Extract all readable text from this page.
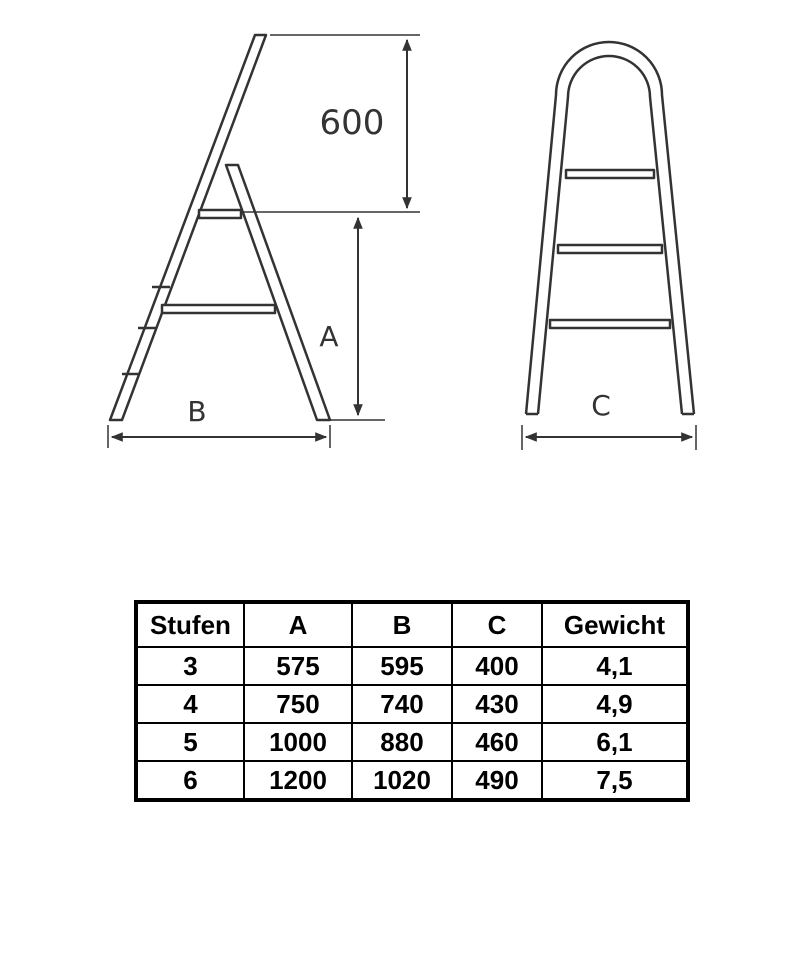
600
A
B	C
Stufen	A	B	C	Gewicht
3	575	595	400	4,1
4	750	740	430	4,9
5	1000	880	460	6,1
6	1200	1020	490	7,5
